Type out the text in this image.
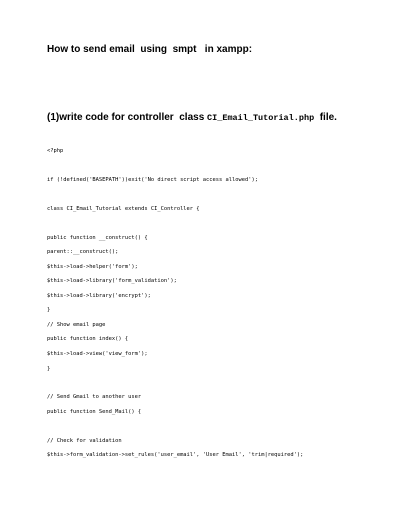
How to send email  using  smpt   in xampp:
(1)write code for controller  class CI_Email_Tutorial.php  file.

<?php

if (!defined('BASEPATH'))exit('No direct script access allowed');

class CI_Email_Tutorial extends CI_Controller {

public function __construct() {

parent::__construct();

$this->load->helper('form');

$this->load->library('form_validation');

$this->load->library('encrypt');

}

// Show email page

public function index() {

$this->load->view('view_form');

}

// Send Gmail to another user

public function Send_Mail() {

// Check for validation

$this->form_validation->set_rules('user_email', 'User Email', 'trim|required');
